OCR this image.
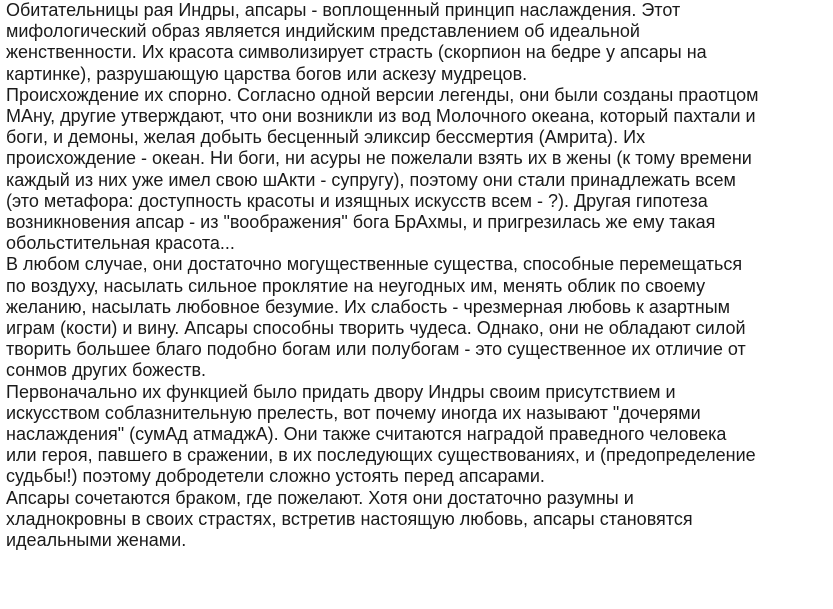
Обитательницы рая Индры, апсары - воплощенный принцип наслаждения. Этот
мифологический образ является индийским представлением об идеальной
женственности. Их красота символизирует страсть (скорпион на бедре у апсары на
картинке), разрушающую царства богов или аскезу мудрецов.

Происхождение их спорно. Согласно одной версии легенды, они были созданы праотцом
МАну, другие утверждают, что они возникли из вод Молочного океана, который пахтали и
боги, и демоны, желая добыть бесценный эликсир бессмертия (Амрита). Их
происхождение - океан. Ни боги, ни асуры не пожелали взять их в жены (к тому времени
каждый из них уже имел свою шАкти - супругу), поэтому они стали принадлежать всем
(это метафора: доступность красоты и изящных искусств всем - ?). Другая гипотеза
возникновения апсар - из "воображения" бога БрАхмы, и пригрезилась же ему такая
обольстительная красота...

В любом случае, они достаточно могущественные существа, способные перемещаться
по воздуху, насылать сильное проклятие на неугодных им, менять облик по своему
желанию, насылать любовное безумие. Их слабость - чрезмерная любовь к азартным
играм (кости) и вину. Апсары способны творить чудеса. Однако, они не обладают силой
творить большее благо подобно богам или полубогам - это существенное их отличие от
сонмов других божеств.

Первоначально их функцией было придать двору Индры своим присутствием и
искусством соблазнительную прелесть, вот почему иногда их называют "дочерями
наслаждения" (сумАд атмаджА). Они также считаются наградой праведного человека
или героя, павшего в сражении, в их последующих существованиях, и (предопределение
судьбы!) поэтому добродетели сложно устоять перед апсарами.

Апсары сочетаются браком, где пожелают. Хотя они достаточно разумны и
хладнокровны в своих страстях, встретив настоящую любовь, апсары становятся
идеальными женами.
